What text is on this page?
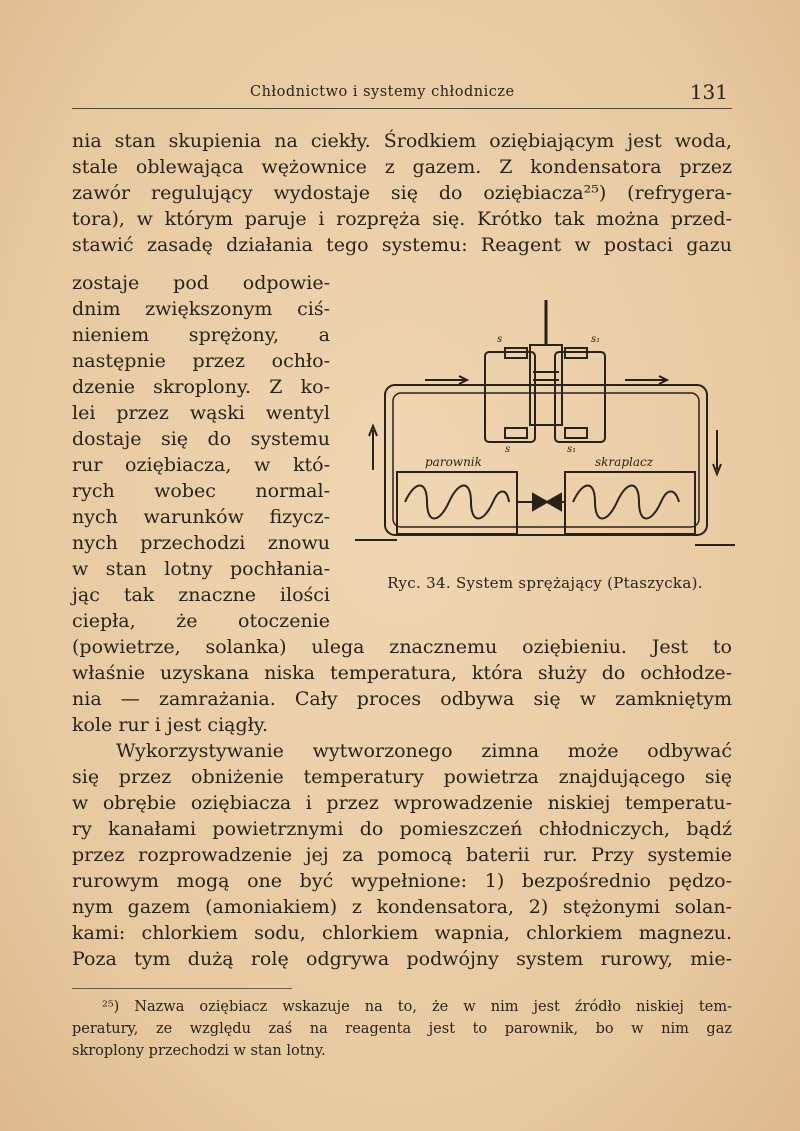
Chłodnictwo i systemy chłodnicze	131
nia stan skupienia na ciekły. Środkiem oziębiającym jest woda,
stale oblewająca wężownice z gazem. Z kondensatora przez
zawór regulujący wydostaje się do oziębiacza²⁵) (refrygera-
tora), w którym paruje i rozpręża się. Krótko tak można przed-
stawić zasadę działania tego systemu: Reagent w postaci gazu
zostaje pod odpowie-
dnim zwiększonym ciś-
nieniem sprężony, a
następnie przez ochło-
dzenie skroplony. Z ko-
lei przez wąski wentyl
dostaje się do systemu
rur oziębiacza, w któ-
rych wobec normal-
nych warunków fizycz-
nych przechodzi znowu
w stan lotny pochłania-
jąc tak znaczne ilości
ciepła, że otoczenie
parownik	skraplacz
s	s₁
s	s₁
Ryc. 34. System sprężający (Ptaszycka).
(powietrze, solanka) ulega znacznemu oziębieniu. Jest to
właśnie uzyskana niska temperatura, która służy do ochłodze-
nia — zamrażania. Cały proces odbywa się w zamkniętym
kole rur i jest ciągły.
Wykorzystywanie wytworzonego zimna może odbywać
się przez obniżenie temperatury powietrza znajdującego się
w obrębie oziębiacza i przez wprowadzenie niskiej temperatu-
ry kanałami powietrznymi do pomieszczeń chłodniczych, bądź
przez rozprowadzenie jej za pomocą baterii rur. Przy systemie
rurowym mogą one być wypełnione: 1) bezpośrednio pędzo-
nym gazem (amoniakiem) z kondensatora, 2) stężonymi solan-
kami: chlorkiem sodu, chlorkiem wapnia, chlorkiem magnezu.
Poza tym dużą rolę odgrywa podwójny system rurowy, mie-
²⁵) Nazwa oziębiacz wskazuje na to, że w nim jest źródło niskiej tem-
peratury, ze względu zaś na reagenta jest to parownik, bo w nim gaz
skroplony przechodzi w stan lotny.
